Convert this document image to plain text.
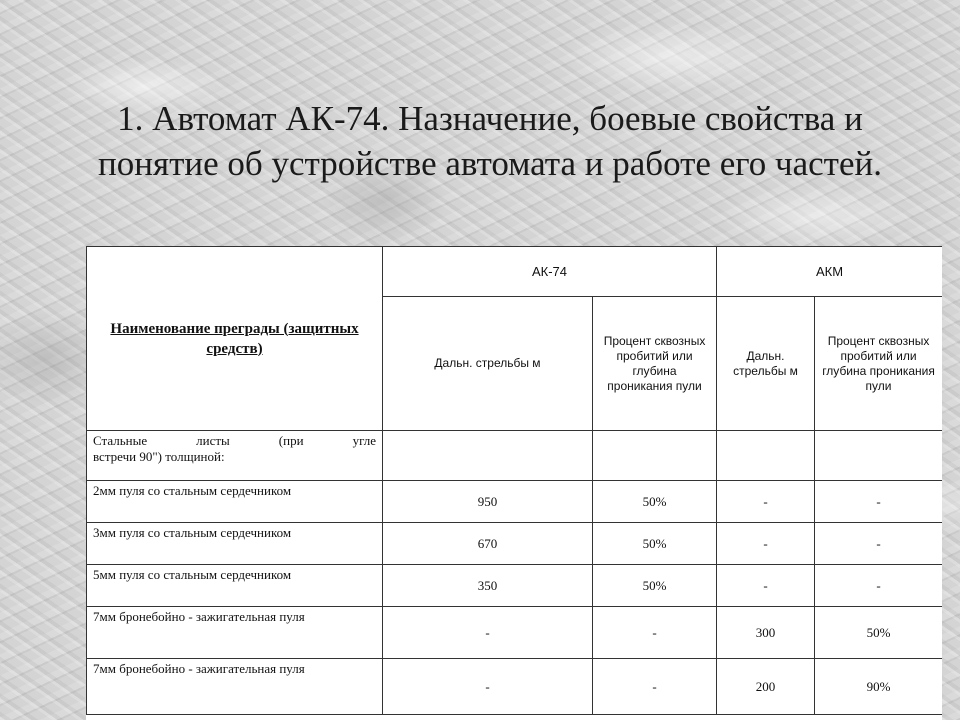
1. Автомат АК-74. Назначение, боевые свойства и понятие об устройстве автомата и работе его частей.
Наименование преграды (защитных средств)	АК-74		АКМ	
	Дальн. стрельбы м	Процент сквозных пробитий или глубина проникания пули	Дальн. стрельбы м	Процент сквозных пробитий или глубина проникания пули

Стальные листы (при угле
встречи 90") толщиной:				

2мм пуля со стальным сердечником	950	50%	-	-
3мм пуля со стальным сердечником	670	50%	-	-
5мм пуля со стальным сердечником	350	50%	-	-
7мм бронебойно - зажигательная пуля	-	-	300	50%
7мм бронебойно - зажигательная пуля	-	-	200	90%
